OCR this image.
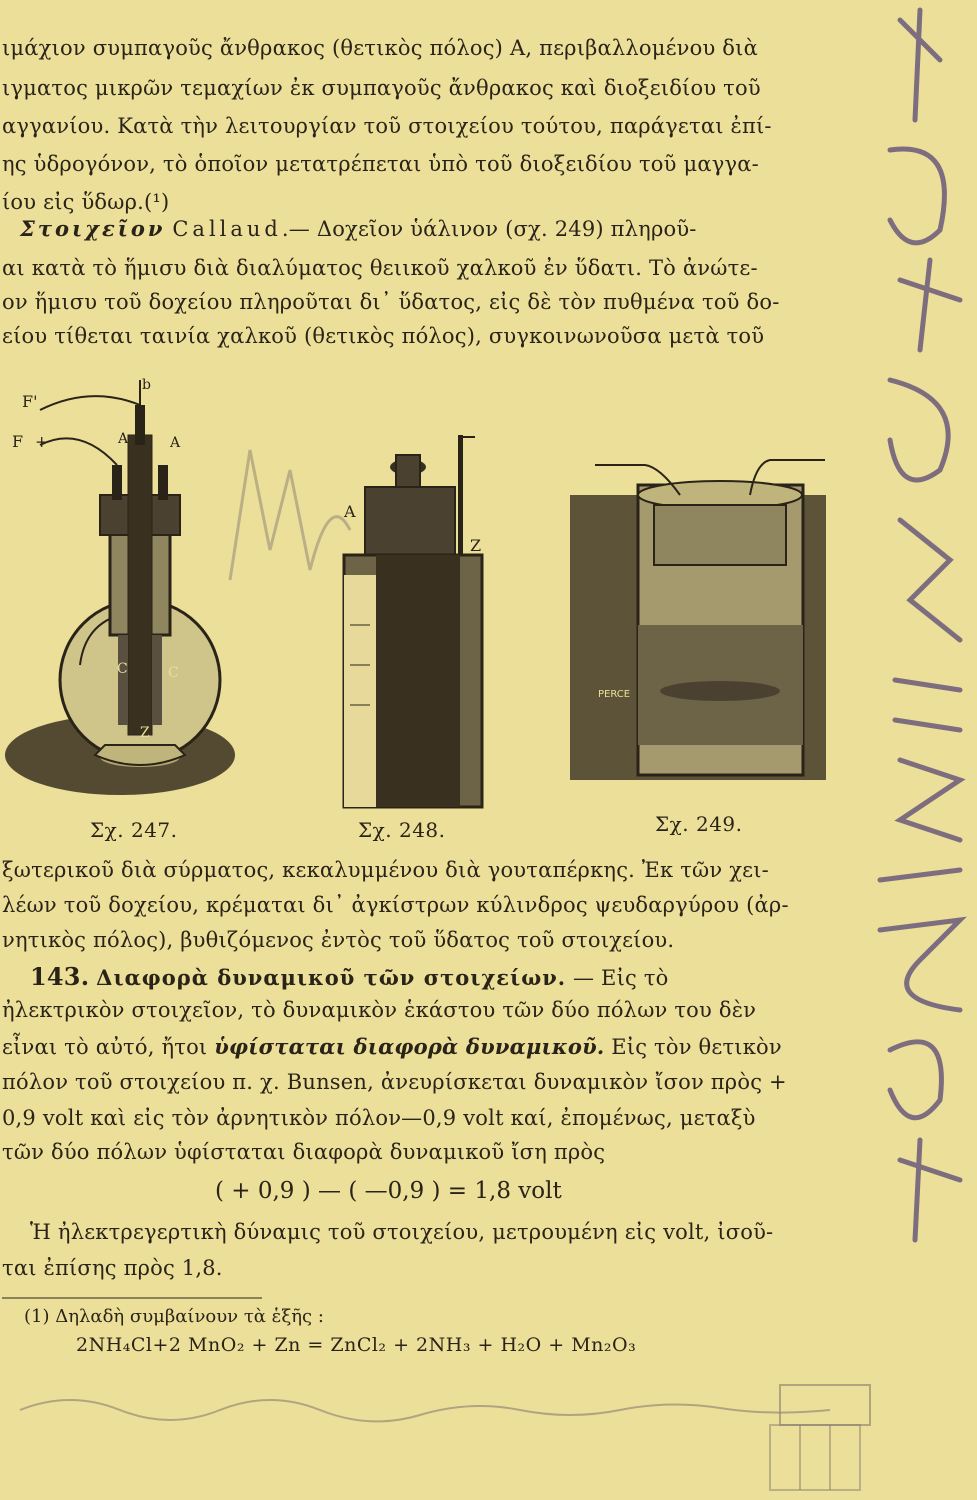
ιμάχιον συμπαγοῦς ἄνθρακος (θετικὸς πόλος) Α, περιβαλλομένου διὰ
ιγματος μικρῶν τεμαχίων ἐκ συμπαγοῦς ἄνθρακος καὶ διοξειδίου τοῦ
αγγανίου. Κατὰ τὴν λειτουργίαν τοῦ στοιχείου τούτου, παράγεται ἐπί-
ης ὑδρογόνον, τὸ ὁποῖον μετατρέπεται ὑπὸ τοῦ διοξειδίου τοῦ μαγγα-
ίου εἰς ὕδωρ.(¹)
Στοιχεῖον Callaud.— Δοχεῖον ὑάλινον (σχ. 249) πληροῦ-
αι κατὰ τὸ ἥμισυ διὰ διαλύματος θειικοῦ χαλκοῦ ἐν ὕδατι. Τὸ ἀνώτε-
ον ἥμισυ τοῦ δοχείου πληροῦται δι᾽ ὕδατος, εἰς δὲ τὸν πυθμένα τοῦ δο-
είου τίθεται ταινία χαλκοῦ (θετικὸς πόλος), συγκοινωνοῦσα μετὰ τοῦ
F'
F +	A	A
C	C
Z
b
Σχ. 247.
A
Z
Σχ. 248.
PERCE
Σχ. 249.
ξωτερικοῦ διὰ σύρματος, κεκαλυμμένου διὰ γουταπέρκης. Ἐκ τῶν χει-
λέων τοῦ δοχείου, κρέμαται δι᾽ ἀγκίστρων κύλινδρος ψευδαργύρου (ἀρ-
νητικὸς πόλος), βυθιζόμενος ἐντὸς τοῦ ὕδατος τοῦ στοιχείου.
143. Διαφορὰ δυναμικοῦ τῶν στοιχείων. — Εἰς τὸ
ἠλεκτρικὸν στοιχεῖον, τὸ δυναμικὸν ἑκάστου τῶν δύο πόλων του δὲν
εἶναι τὸ αὐτό, ἤτοι ὑφίσταται διαφορὰ δυναμικοῦ. Εἰς τὸν θετικὸν
πόλον τοῦ στοιχείου π. χ. Bunsen, ἀνευρίσκεται δυναμικὸν ἴσον πρὸς +
0,9 volt καὶ εἰς τὸν ἀρνητικὸν πόλον—0,9 volt καί, ἐπομένως, μεταξὺ
τῶν δύο πόλων ὑφίσταται διαφορὰ δυναμικοῦ ἴση πρὸς
( + 0,9 ) — ( —0,9 ) = 1,8 volt
Ἡ ἠλεκτρεγερτικὴ δύναμις τοῦ στοιχείου, μετρουμένη εἰς volt, ἰσοῦ-
ται ἐπίσης πρὸς 1,8.
(1) Δηλαδὴ συμβαίνουν τὰ ἑξῆς :
2NH₄Cl+2 MnO₂ + Zn = ZnCl₂ + 2NH₃ + H₂O + Mn₂O₃
